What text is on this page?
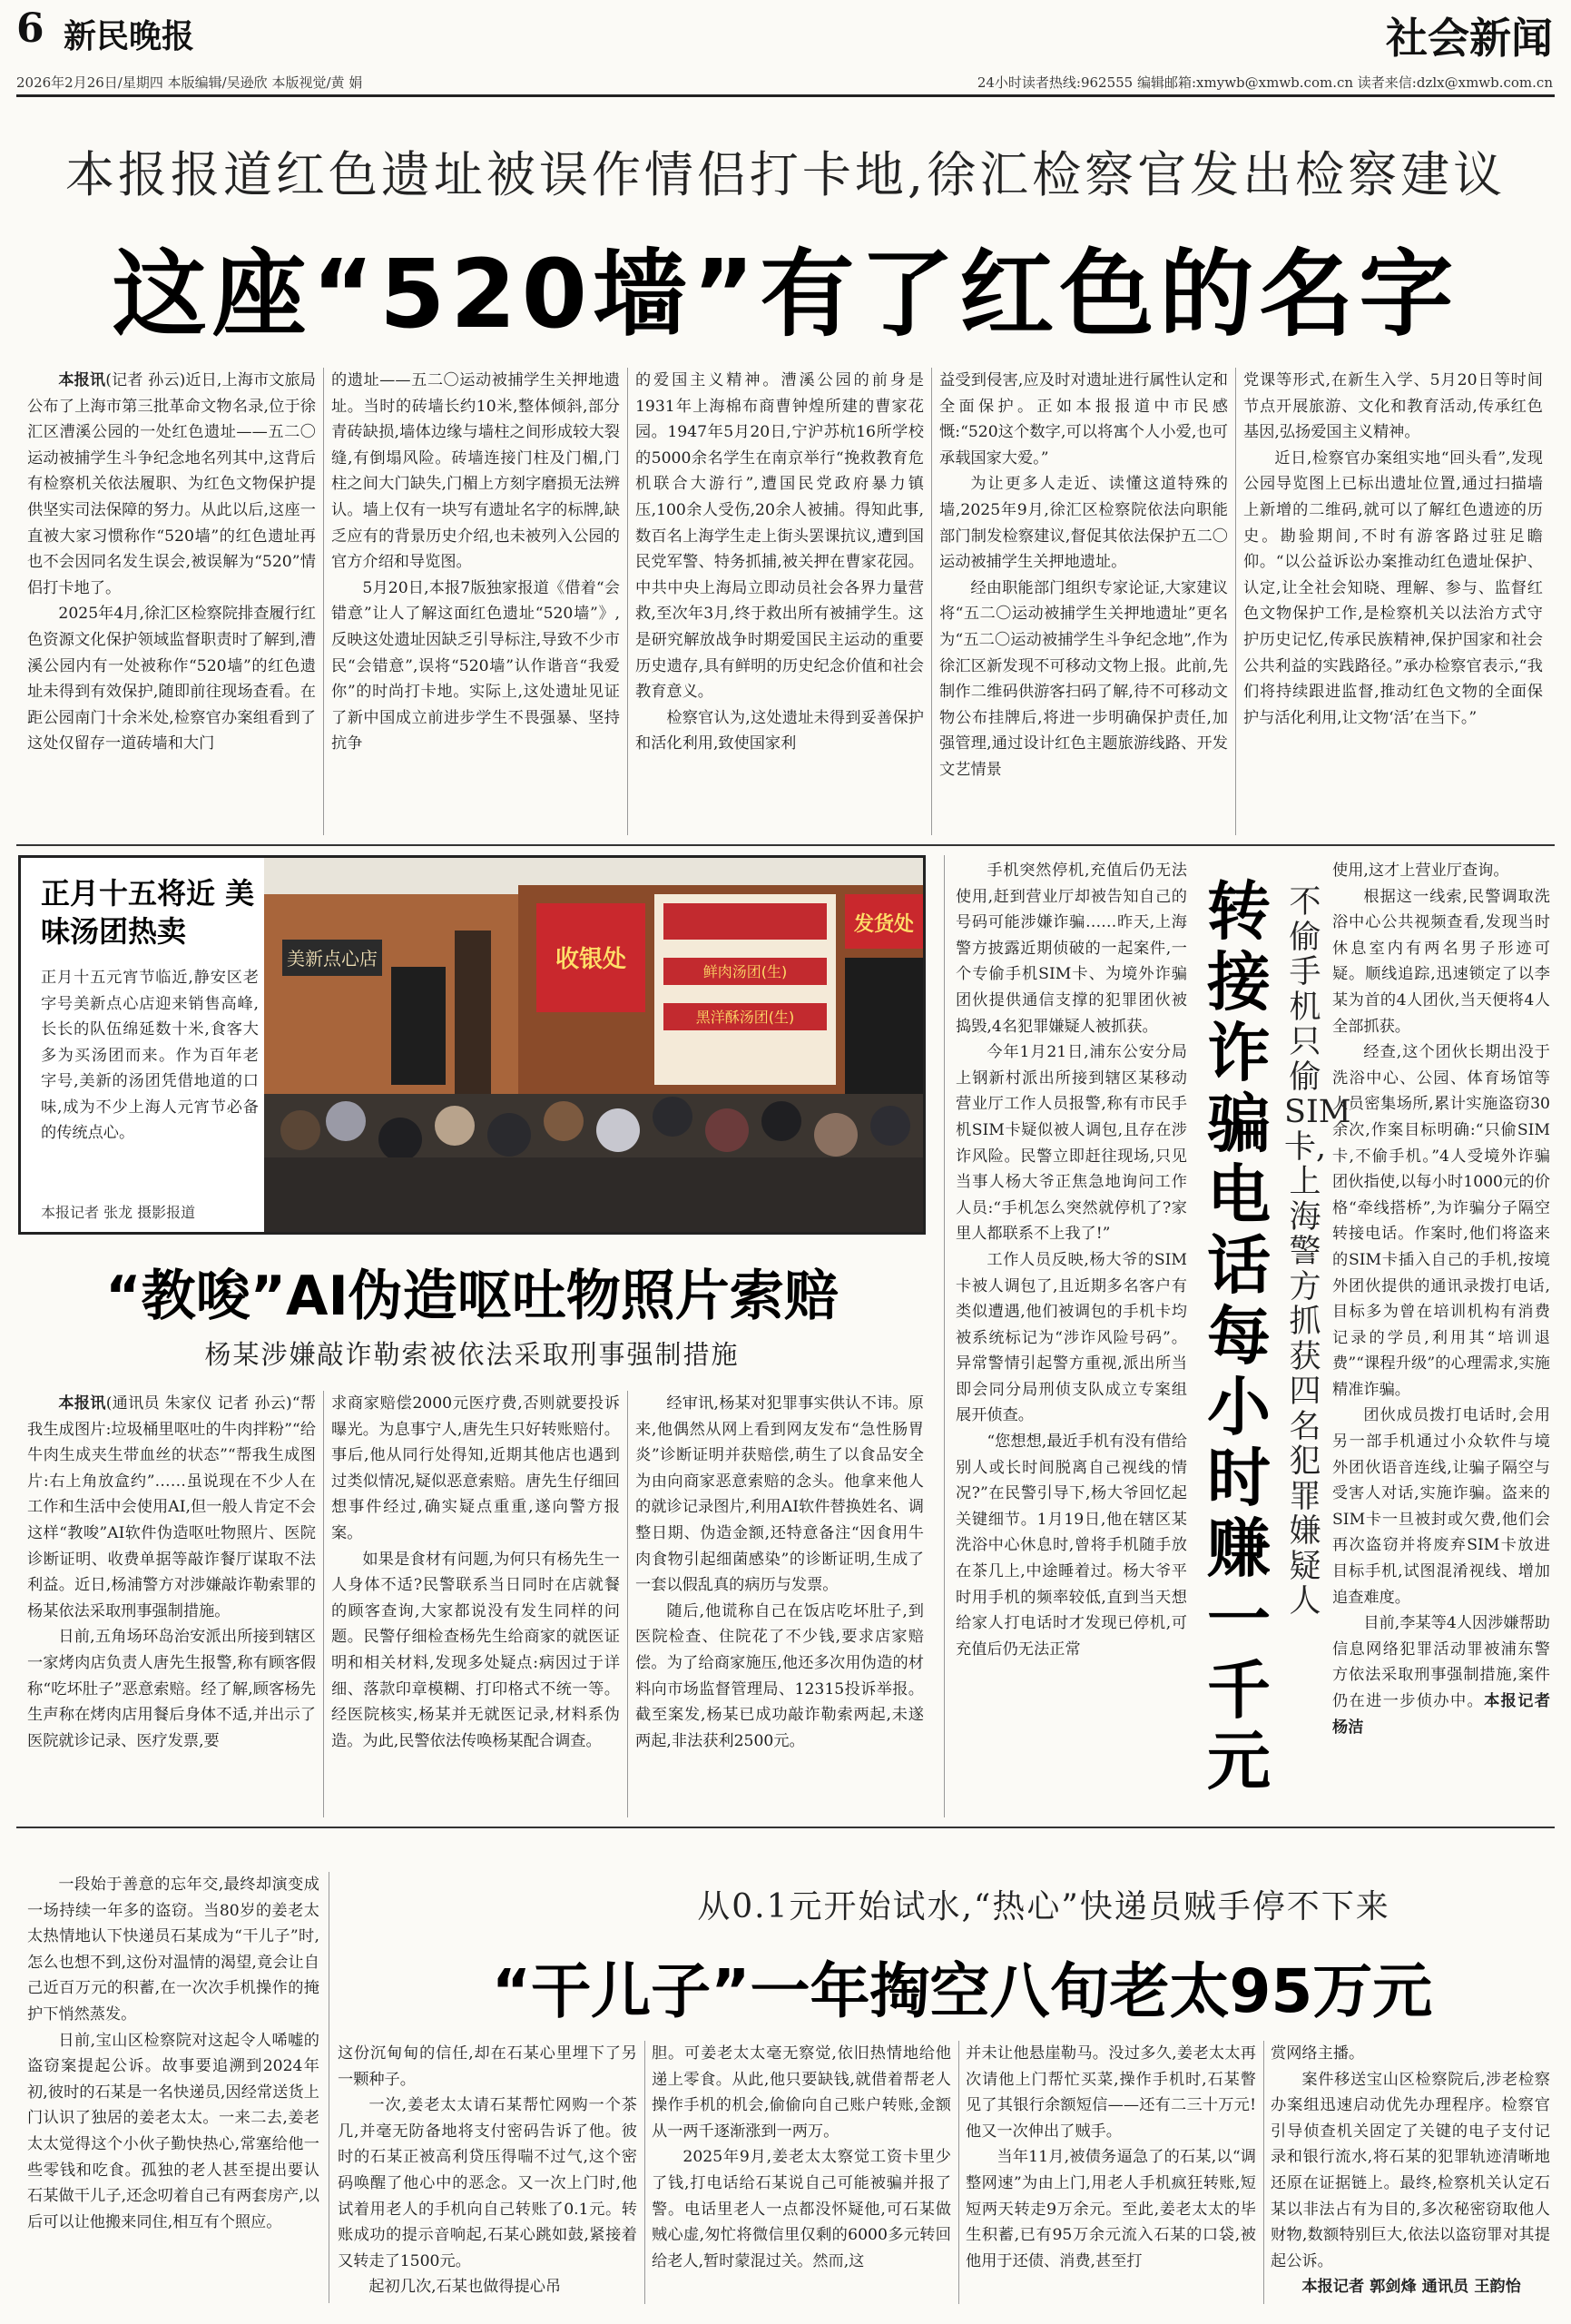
6 新民晚报	社会新闻
2026年2月26日/星期四 本版编辑/吴逊欣 本版视觉/黄 娟	24小时读者热线:962555 编辑邮箱:xmywb@xmwb.com.cn 读者来信:dzlx@xmwb.com.cn
本报报道红色遗址被误作情侣打卡地,徐汇检察官发出检察建议
这座“520墙”有了红色的名字

本报讯(记者 孙云)近日,上海市文旅局公布了上海市第三批革命文物名录,位于徐汇区漕溪公园的一处红色遗址——五二〇运动被捕学生斗争纪念地名列其中,这背后有检察机关依法履职、为红色文物保护提供坚实司法保障的努力。从此以后,这座一直被大家习惯称作“520墙”的红色遗址再也不会因同名发生误会,被误解为“520”情侣打卡地了。

2025年4月,徐汇区检察院排查履行红色资源文化保护领域监督职责时了解到,漕溪公园内有一处被称作“520墙”的红色遗址未得到有效保护,随即前往现场查看。在距公园南门十余米处,检察官办案组看到了这处仅留存一道砖墙和大门

的遗址——五二〇运动被捕学生关押地遗址。当时的砖墙长约10米,整体倾斜,部分青砖缺损,墙体边缘与墙柱之间形成较大裂缝,有倒塌风险。砖墙连接门柱及门楣,门柱之间大门缺失,门楣上方刻字磨损无法辨认。墙上仅有一块写有遗址名字的标牌,缺乏应有的背景历史介绍,也未被列入公园的官方介绍和导览图。

5月20日,本报7版独家报道《借着“会错意”让人了解这面红色遗址“520墙”》,反映这处遗址因缺乏引导标注,导致不少市民“会错意”,误将“520墙”认作谐音“我爱你”的时尚打卡地。实际上,这处遗址见证了新中国成立前进步学生不畏强暴、坚持抗争

的爱国主义精神。漕溪公园的前身是1931年上海棉布商曹钟煌所建的曹家花园。1947年5月20日,宁沪苏杭16所学校的5000余名学生在南京举行“挽救教育危机联合大游行”,遭国民党政府暴力镇压,100余人受伤,20余人被捕。得知此事,数百名上海学生走上街头罢课抗议,遭到国民党军警、特务抓捕,被关押在曹家花园。中共中央上海局立即动员社会各界力量营救,至次年3月,终于救出所有被捕学生。这是研究解放战争时期爱国民主运动的重要历史遗存,具有鲜明的历史纪念价值和社会教育意义。

检察官认为,这处遗址未得到妥善保护和活化利用,致使国家利

益受到侵害,应及时对遗址进行属性认定和全面保护。正如本报报道中市民感慨:“520这个数字,可以将寓个人小爱,也可承载国家大爱。”

为让更多人走近、读懂这道特殊的墙,2025年9月,徐汇区检察院依法向职能部门制发检察建议,督促其依法保护五二〇运动被捕学生关押地遗址。

经由职能部门组织专家论证,大家建议将“五二〇运动被捕学生关押地遗址”更名为“五二〇运动被捕学生斗争纪念地”,作为徐汇区新发现不可移动文物上报。此前,先制作二维码供游客扫码了解,待不可移动文物公布挂牌后,将进一步明确保护责任,加强管理,通过设计红色主题旅游线路、开发文艺情景

党课等形式,在新生入学、5月20日等时间节点开展旅游、文化和教育活动,传承红色基因,弘扬爱国主义精神。

近日,检察官办案组实地“回头看”,发现公园导览图上已标出遗址位置,通过扫描墙上新增的二维码,就可以了解红色遗迹的历史。勘验期间,不时有游客路过驻足瞻仰。“以公益诉讼办案推动红色遗址保护、认定,让全社会知晓、理解、参与、监督红色文物保护工作,是检察机关以法治方式守护历史记忆,传承民族精神,保护国家和社会公共利益的实践路径。”承办检察官表示,“我们将持续跟进监督,推动红色文物的全面保护与活化利用,让文物‘活’在当下。”

正月十五将近 美味汤团热卖
正月十五元宵节临近,静安区老字号美新点心店迎来销售高峰,长长的队伍绵延数十米,食客大多为买汤团而来。作为百年老字号,美新的汤团凭借地道的口味,成为不少上海人元宵节必备的传统点心。
本报记者 张龙 摄影报道
美新点心店	收银处	鲜肉汤团(生)
黑洋酥汤团(生)
发货处
“教唆”AI伪造呕吐物照片索赔
杨某涉嫌敲诈勒索被依法采取刑事强制措施

本报讯(通讯员 朱家仪 记者 孙云)“帮我生成图片:垃圾桶里呕吐的牛肉拌粉”“给牛肉生成夹生带血丝的状态”“帮我生成图片:右上角放盒约”……虽说现在不少人在工作和生活中会使用AI,但一般人肯定不会这样“教唆”AI软件伪造呕吐物照片、医院诊断证明、收费单据等敲诈餐厅谋取不法利益。近日,杨浦警方对涉嫌敲诈勒索罪的杨某依法采取刑事强制措施。

日前,五角场环岛治安派出所接到辖区一家烤肉店负责人唐先生报警,称有顾客假称“吃坏肚子”恶意索赔。经了解,顾客杨先生声称在烤肉店用餐后身体不适,并出示了医院就诊记录、医疗发票,要

求商家赔偿2000元医疗费,否则就要投诉曝光。为息事宁人,唐先生只好转账赔付。事后,他从同行处得知,近期其他店也遇到过类似情况,疑似恶意索赔。唐先生仔细回想事件经过,确实疑点重重,遂向警方报案。

如果是食材有问题,为何只有杨先生一人身体不适?民警联系当日同时在店就餐的顾客查询,大家都说没有发生同样的问题。民警仔细检查杨先生给商家的就医证明和相关材料,发现多处疑点:病因过于详细、落款印章模糊、打印格式不统一等。经医院核实,杨某并无就医记录,材料系伪造。为此,民警依法传唤杨某配合调查。

经审讯,杨某对犯罪事实供认不讳。原来,他偶然从网上看到网友发布“急性肠胃炎”诊断证明并获赔偿,萌生了以食品安全为由向商家恶意索赔的念头。他拿来他人的就诊记录图片,利用AI软件替换姓名、调整日期、伪造金额,还特意备注“因食用牛肉食物引起细菌感染”的诊断证明,生成了一套以假乱真的病历与发票。

随后,他谎称自己在饭店吃坏肚子,到医院检查、住院花了不少钱,要求店家赔偿。为了给商家施压,他还多次用伪造的材料向市场监督管理局、12315投诉举报。截至案发,杨某已成功敲诈勒索两起,未遂两起,非法获利2500元。

手机突然停机,充值后仍无法使用,赶到营业厅却被告知自己的号码可能涉嫌诈骗……昨天,上海警方披露近期侦破的一起案件,一个专偷手机SIM卡、为境外诈骗团伙提供通信支撑的犯罪团伙被捣毁,4名犯罪嫌疑人被抓获。

今年1月21日,浦东公安分局上钢新村派出所接到辖区某移动营业厅工作人员报警,称有市民手机SIM卡疑似被人调包,且存在涉诈风险。民警立即赶往现场,只见当事人杨大爷正焦急地询问工作人员:“手机怎么突然就停机了?家里人都联系不上我了!”

工作人员反映,杨大爷的SIM卡被人调包了,且近期多名客户有类似遭遇,他们被调包的手机卡均被系统标记为“涉诈风险号码”。异常警情引起警方重视,派出所当即会同分局刑侦支队成立专案组展开侦查。

“您想想,最近手机有没有借给别人或长时间脱离自己视线的情况?”在民警引导下,杨大爷回忆起关键细节。1月19日,他在辖区某洗浴中心休息时,曾将手机随手放在茶几上,中途睡着过。杨大爷平时用手机的频率较低,直到当天想给家人打电话时才发现已停机,可充值后仍无法正常

转接诈骗电话每小时赚一千元
不偷手机只偷SIM卡,上海警方抓获四名犯罪嫌疑人

使用,这才上营业厅查询。

根据这一线索,民警调取洗浴中心公共视频查看,发现当时休息室内有两名男子形迹可疑。顺线追踪,迅速锁定了以李某为首的4人团伙,当天便将4人全部抓获。

经查,这个团伙长期出没于洗浴中心、公园、体育场馆等人员密集场所,累计实施盗窃30余次,作案目标明确:“只偷SIM卡,不偷手机。”4人受境外诈骗团伙指使,以每小时1000元的价格“牵线搭桥”,为诈骗分子隔空转接电话。作案时,他们将盗来的SIM卡插入自己的手机,按境外团伙提供的通讯录拨打电话,目标多为曾在培训机构有消费记录的学员,利用其“培训退费”“课程升级”的心理需求,实施精准诈骗。

团伙成员拨打电话时,会用另一部手机通过小众软件与境外团伙语音连线,让骗子隔空与受害人对话,实施诈骗。盗来的SIM卡一旦被封或欠费,他们会再次盗窃并将废弃SIM卡放进目标手机,试图混淆视线、增加追查难度。

目前,李某等4人因涉嫌帮助信息网络犯罪活动罪被浦东警方依法采取刑事强制措施,案件仍在进一步侦办中。本报记者 杨洁

一段始于善意的忘年交,最终却演变成一场持续一年多的盗窃。当80岁的姜老太太热情地认下快递员石某成为“干儿子”时,怎么也想不到,这份对温情的渴望,竟会让自己近百万元的积蓄,在一次次手机操作的掩护下悄然蒸发。

日前,宝山区检察院对这起令人唏嘘的盗窃案提起公诉。故事要追溯到2024年初,彼时的石某是一名快递员,因经常送货上门认识了独居的姜老太太。一来二去,姜老太太觉得这个小伙子勤快热心,常塞给他一些零钱和吃食。孤独的老人甚至提出要认石某做干儿子,还念叨着自己有两套房产,以后可以让他搬来同住,相互有个照应。

从0.1元开始试水,“热心”快递员贼手停不下来
“干儿子”一年掏空八旬老太95万元

这份沉甸甸的信任,却在石某心里埋下了另一颗种子。

一次,姜老太太请石某帮忙网购一个茶几,并毫无防备地将支付密码告诉了他。彼时的石某正被高利贷压得喘不过气,这个密码唤醒了他心中的恶念。又一次上门时,他试着用老人的手机向自己转账了0.1元。转账成功的提示音响起,石某心跳如鼓,紧接着又转走了1500元。

起初几次,石某也做得提心吊

胆。可姜老太太毫无察觉,依旧热情地给他递上零食。从此,他只要缺钱,就借着帮老人操作手机的机会,偷偷向自己账户转账,金额从一两千逐渐涨到一两万。

2025年9月,姜老太太察觉工资卡里少了钱,打电话给石某说自己可能被骗并报了警。电话里老人一点都没怀疑他,可石某做贼心虚,匆忙将微信里仅剩的6000多元转回给老人,暂时蒙混过关。然而,这

并未让他悬崖勒马。没过多久,姜老太太再次请他上门帮忙买菜,操作手机时,石某瞥见了其银行余额短信——还有二三十万元!他又一次伸出了贼手。

当年11月,被债务逼急了的石某,以“调整网速”为由上门,用老人手机疯狂转账,短短两天转走9万余元。至此,姜老太太的毕生积蓄,已有95万余元流入石某的口袋,被他用于还债、消费,甚至打

赏网络主播。

案件移送宝山区检察院后,涉老检察办案组迅速启动优先办理程序。检察官引导侦查机关固定了关键的电子支付记录和银行流水,将石某的犯罪轨迹清晰地还原在证据链上。最终,检察机关认定石某以非法占有为目的,多次秘密窃取他人财物,数额特别巨大,依法以盗窃罪对其提起公诉。

本报记者 郭剑烽 通讯员 王韵怡
